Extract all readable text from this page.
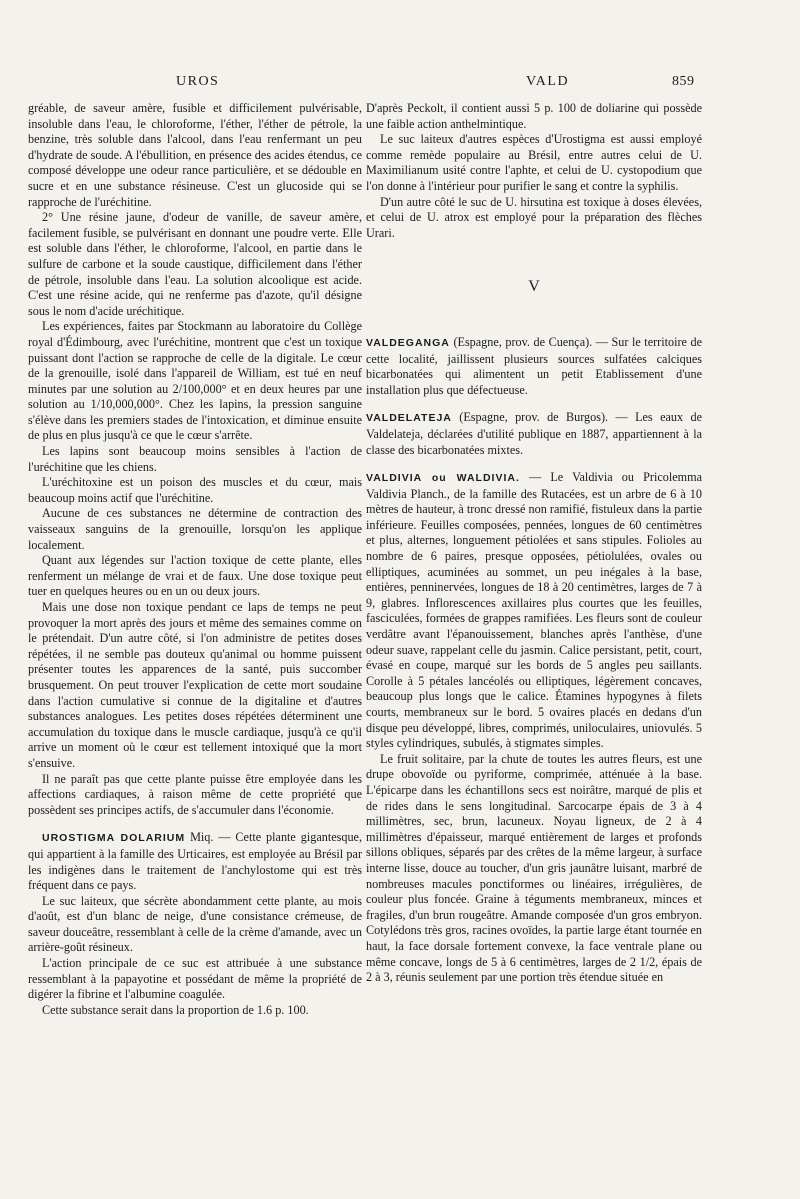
UROS	VALD	859

gréable, de saveur amère, fusible et difficilement pulvérisable, insoluble dans l'eau, le chloroforme, l'éther, l'éther de pétrole, la benzine, très soluble dans l'alcool, dans l'eau renfermant un peu d'hydrate de soude. A l'ébullition, en présence des acides étendus, ce composé développe une odeur rance particulière, et se dédouble en sucre et en une substance résineuse. C'est un glucoside qui se rapproche de l'uréchitine.

2° Une résine jaune, d'odeur de vanille, de saveur amère, facilement fusible, se pulvérisant en donnant une poudre verte. Elle est soluble dans l'éther, le chloroforme, l'alcool, en partie dans le sulfure de carbone et la soude caustique, difficilement dans l'éther de pétrole, insoluble dans l'eau. La solution alcoolique est acide. C'est une résine acide, qui ne renferme pas d'azote, qu'il désigne sous le nom d'acide uréchitique.

Les expériences, faites par Stockmann au laboratoire du Collège royal d'Édimbourg, avec l'uréchitine, montrent que c'est un toxique puissant dont l'action se rapproche de celle de la digitale. Le cœur de la grenouille, isolé dans l'appareil de William, est tué en neuf minutes par une solution au 2/100,000° et en deux heures par une solution au 1/10,000,000°. Chez les lapins, la pression sanguine s'élève dans les premiers stades de l'intoxication, et diminue ensuite de plus en plus jusqu'à ce que le cœur s'arrête.

Les lapins sont beaucoup moins sensibles à l'action de l'uréchitine que les chiens.

L'uréchitoxine est un poison des muscles et du cœur, mais beaucoup moins actif que l'uréchitine.

Aucune de ces substances ne détermine de contraction des vaisseaux sanguins de la grenouille, lorsqu'on les applique localement.

Quant aux légendes sur l'action toxique de cette plante, elles renferment un mélange de vrai et de faux. Une dose toxique peut tuer en quelques heures ou en un ou deux jours.

Mais une dose non toxique pendant ce laps de temps ne peut provoquer la mort après des jours et même des semaines comme on le prétendait. D'un autre côté, si l'on administre de petites doses répétées, il ne semble pas douteux qu'animal ou homme puissent présenter toutes les apparences de la santé, puis succomber brusquement. On peut trouver l'explication de cette mort soudaine dans l'action cumulative si connue de la digitaline et d'autres substances analogues. Les petites doses répétées déterminent une accumulation du toxique dans le muscle cardiaque, jusqu'à ce qu'il arrive un moment où le cœur est tellement intoxiqué que la mort s'ensuive.

Il ne paraît pas que cette plante puisse être employée dans les affections cardiaques, à raison même de cette propriété que possèdent ses principes actifs, de s'accumuler dans l'économie.

UROSTIGMA DOLARIUM Miq. — Cette plante gigantesque, qui appartient à la famille des Urticaires, est employée au Brésil par les indigènes dans le traitement de l'anchylostome qui est très fréquent dans ce pays.

Le suc laiteux, que sécrète abondamment cette plante, au mois d'août, est d'un blanc de neige, d'une consistance crémeuse, de saveur douceâtre, ressemblant à celle de la crème d'amande, avec un arrière-goût résineux.

L'action principale de ce suc est attribuée à une substance ressemblant à la papayotine et possédant de même la propriété de digérer la fibrine et l'albumine coagulée.

Cette substance serait dans la proportion de 1.6 p. 100.

D'après Peckolt, il contient aussi 5 p. 100 de doliarine qui possède une faible action anthelmintique.

Le suc laiteux d'autres espèces d'Urostigma est aussi employé comme remède populaire au Brésil, entre autres celui de U. Maximilianum usité contre l'aphte, et celui de U. cystopodium que l'on donne à l'intérieur pour purifier le sang et contre la syphilis.

D'un autre côté le suc de U. hirsutina est toxique à doses élevées, et celui de U. atrox est employé pour la préparation des flèches Urari.

V

VALDEGANGA (Espagne, prov. de Cuença). — Sur le territoire de cette localité, jaillissent plusieurs sources sulfatées calciques bicarbonatées qui alimentent un petit Etablissement d'une installation plus que défectueuse.

VALDELATEJA (Espagne, prov. de Burgos). — Les eaux de Valdelateja, déclarées d'utilité publique en 1887, appartiennent à la classe des bicarbonatées mixtes.

VALDIVIA ou WALDIVIA. — Le Valdivia ou Pricolemma Valdivia Planch., de la famille des Rutacées, est un arbre de 6 à 10 mètres de hauteur, à tronc dressé non ramifié, fistuleux dans la partie inférieure. Feuilles composées, pennées, longues de 60 centimètres et plus, alternes, longuement pétiolées et sans stipules. Folioles au nombre de 6 paires, presque opposées, pétiolulées, ovales ou elliptiques, acuminées au sommet, un peu inégales à la base, entières, penninervées, longues de 18 à 20 centimètres, larges de 7 à 9, glabres. Inflorescences axillaires plus courtes que les feuilles, fasciculées, formées de grappes ramifiées. Les fleurs sont de couleur verdâtre avant l'épanouissement, blanches après l'anthèse, d'une odeur suave, rappelant celle du jasmin. Calice persistant, petit, court, évasé en coupe, marqué sur les bords de 5 angles peu saillants. Corolle à 5 pétales lancéolés ou elliptiques, légèrement concaves, beaucoup plus longs que le calice. Étamines hypogynes à filets courts, membraneux sur le bord. 5 ovaires placés en dedans d'un disque peu développé, libres, comprimés, uniloculaires, uniovulés. 5 styles cylindriques, subulés, à stigmates simples.

Le fruit solitaire, par la chute de toutes les autres fleurs, est une drupe obovoïde ou pyriforme, comprimée, atténuée à la base. L'épicarpe dans les échantillons secs est noirâtre, marqué de plis et de rides dans le sens longitudinal. Sarcocarpe épais de 3 à 4 millimètres, sec, brun, lacuneux. Noyau ligneux, de 2 à 4 millimètres d'épaisseur, marqué entièrement de larges et profonds sillons obliques, séparés par des crêtes de la même largeur, à surface interne lisse, douce au toucher, d'un gris jaunâtre luisant, marbré de nombreuses macules ponctiformes ou linéaires, irrégulières, de couleur plus foncée. Graine à téguments membraneux, minces et fragiles, d'un brun rougeâtre. Amande composée d'un gros embryon. Cotylédons très gros, racines ovoïdes, la partie large étant tournée en haut, la face dorsale fortement convexe, la face ventrale plane ou même concave, longs de 5 à 6 centimètres, larges de 2 1/2, épais de 2 à 3, réunis seulement par une portion très étendue située en
